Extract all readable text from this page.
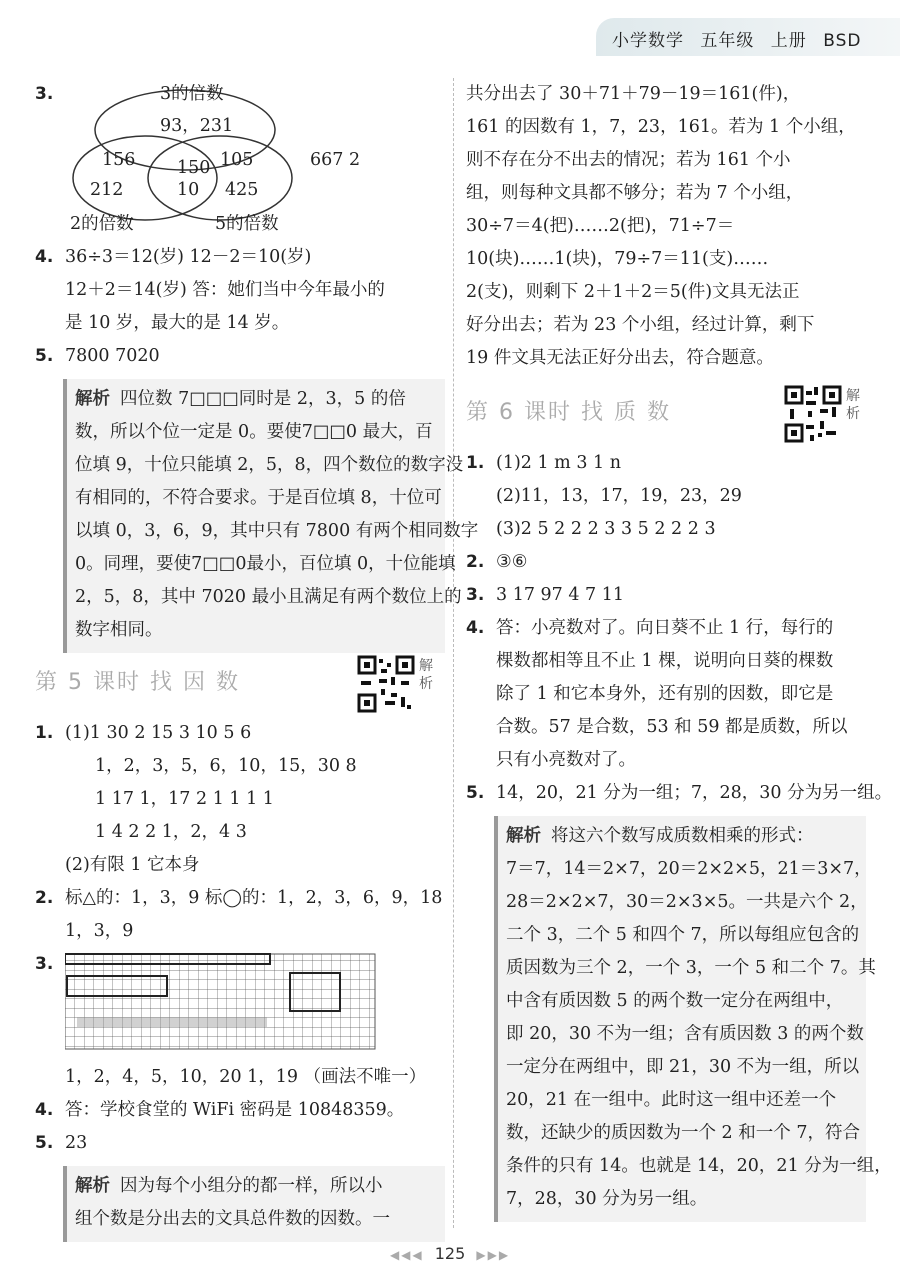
小学数学 五年级 上册 BSD
3.	3的倍数
93，231
156 150 105
212	10 425
2的倍数	5的倍数
667 2
4. 36÷3＝12(岁) 12－2＝10(岁)
12＋2＝14(岁) 答：她们当中今年最小的
是 10 岁，最大的是 14 岁。
5. 7800 7020
解析 四位数 7□□□同时是 2，3，5 的倍
数，所以个位一定是 0。要使7□□0 最大，百
位填 9，十位只能填 2，5，8，四个数位的数字没
有相同的，不符合要求。于是百位填 8，十位可
以填 0，3，6，9，其中只有 7800 有两个相同数字
0。同理，要使7□□0最小，百位填 0，十位能填
2，5，8，其中 7020 最小且满足有两个数位上的
数字相同。
第 5 课时 找 因 数
解析
1. (1)1 30 2 15 3 10 5 6
1，2，3，5，6，10，15，30 8
1 17 1，17 2 1 1 1 1
1 4 2 2 1，2，4 3
(2)有限 1 它本身
2. 标△的：1，3，9 标◯的：1，2，3，6，9，18
1，3，9
3.
1，2，4，5，10，20 1，19 （画法不唯一）
4. 答：学校食堂的 WiFi 密码是 10848359。
5. 23
解析 因为每个小组分的都一样，所以小
组个数是分出去的文具总件数的因数。一
共分出去了 30＋71＋79－19＝161(件)，
161 的因数有 1，7，23，161。若为 1 个小组，
则不存在分不出去的情况；若为 161 个小
组，则每种文具都不够分；若为 7 个小组，
30÷7＝4(把)……2(把)，71÷7＝
10(块)……1(块)，79÷7＝11(支)……
2(支)，则剩下 2＋1＋2＝5(件)文具无法正
好分出去；若为 23 个小组，经过计算，剩下
19 件文具无法正好分出去，符合题意。
第 6 课时 找 质 数
解析
1. (1)2 1 m 3 1 n
(2)11，13，17，19，23，29
(3)2 5 2 2 2 3 3 5 2 2 2 3
2. ③⑥
3. 3 17 97 4 7 11
4. 答：小亮数对了。向日葵不止 1 行，每行的
棵数都相等且不止 1 棵，说明向日葵的棵数
除了 1 和它本身外，还有别的因数，即它是
合数。57 是合数，53 和 59 都是质数，所以
只有小亮数对了。
5. 14，20，21 分为一组；7，28，30 分为另一组。
解析 将这六个数写成质数相乘的形式：
7＝7，14＝2×7，20＝2×2×5，21＝3×7，
28＝2×2×7，30＝2×3×5。一共是六个 2，
二个 3，二个 5 和四个 7，所以每组应包含的
质因数为三个 2，一个 3，一个 5 和二个 7。其
中含有质因数 5 的两个数一定分在两组中，
即 20，30 不为一组；含有质因数 3 的两个数
一定分在两组中，即 21，30 不为一组，所以
20，21 在一组中。此时这一组中还差一个
数，还缺少的质因数为一个 2 和一个 7，符合
条件的只有 14。也就是 14，20，21 分为一组，
7，28，30 分为另一组。
◀◀◀ 125 ▶▶▶
